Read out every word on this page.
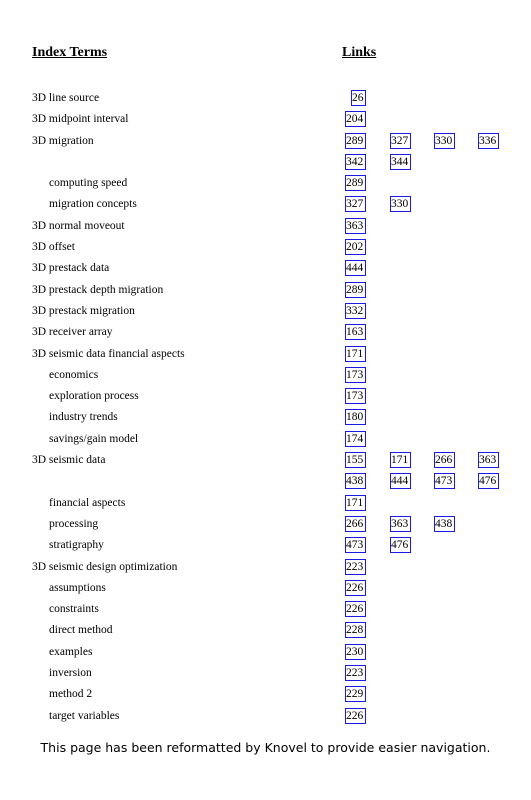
Index Terms	Links
3D line source	26
3D midpoint interval	204
3D migration	289 327 330 336
342 344
computing speed	289
migration concepts	327 330
3D normal moveout	363
3D offset	202
3D prestack data	444
3D prestack depth migration	289
3D prestack migration	332
3D receiver array	163
3D seismic data financial aspects	171
economics	173
exploration process	173
industry trends	180
savings/gain model	174
3D seismic data	155 171 266 363
438 444 473 476
financial aspects	171
processing	266 363 438
stratigraphy	473 476
3D seismic design optimization	223
assumptions	226
constraints	226
direct method	228
examples	230
inversion	223
method 2	229
target variables	226
This page has been reformatted by Knovel to provide easier navigation.
